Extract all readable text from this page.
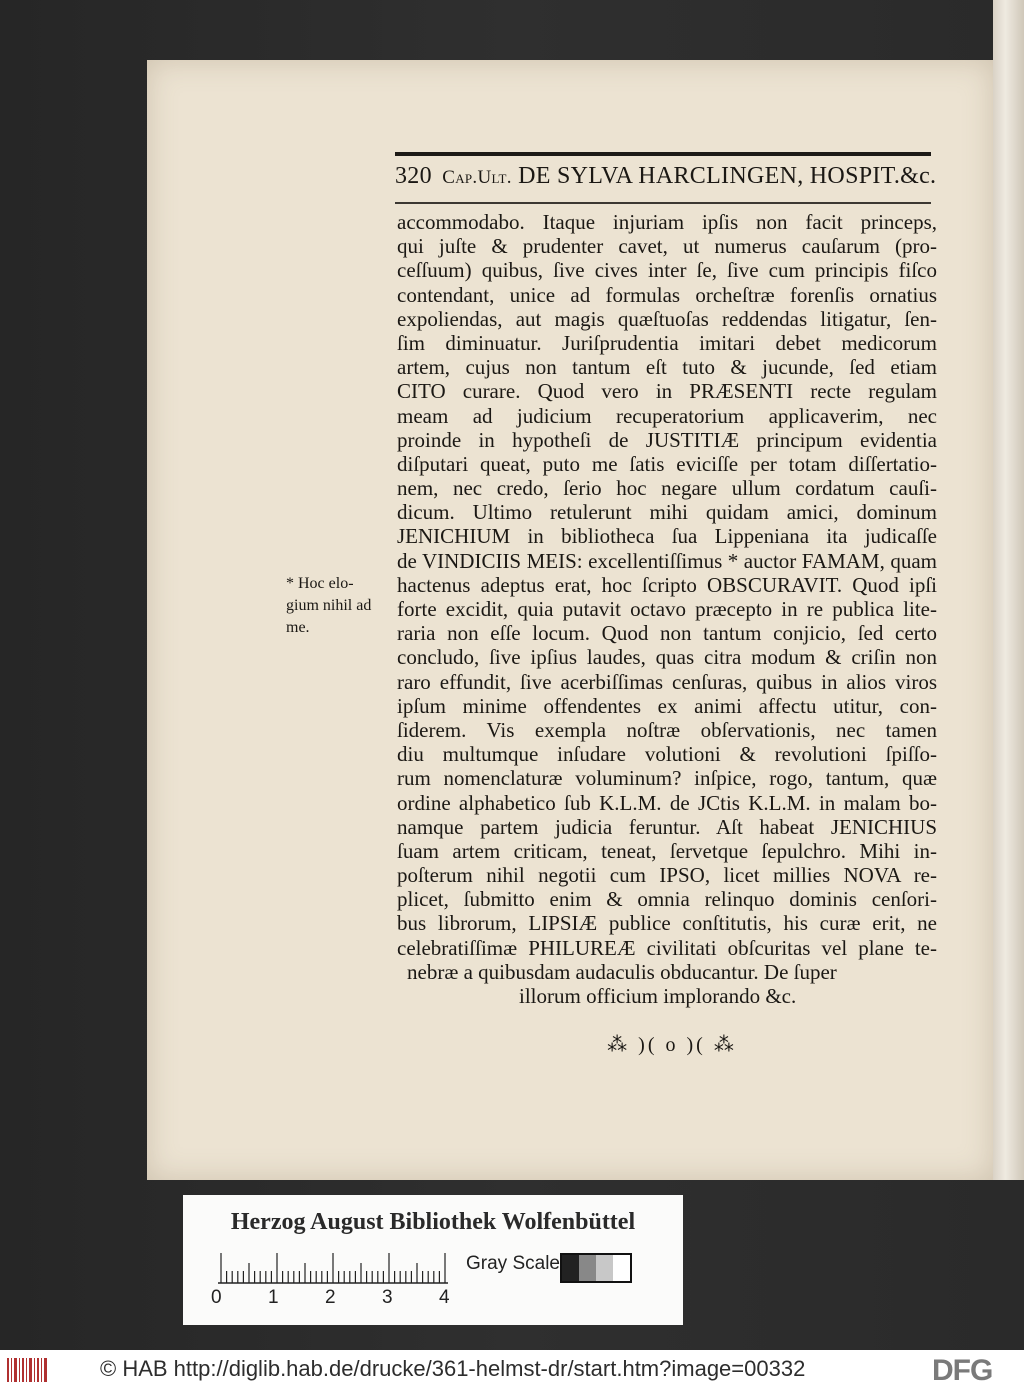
320 Cap.Ult. DE SYLVA HARCLINGEN, HOSPIT.&c.
accommodabo. Itaque injuriam ipſis non facit princeps,
qui juſte & prudenter cavet, ut numerus cauſarum (pro-
ceſſuum) quibus, ſive cives inter ſe, ſive cum principis fiſco
contendant, unice ad formulas orcheſtræ forenſis ornatius
expoliendas, aut magis quæſtuoſas reddendas litigatur, ſen-
ſim diminuatur. Juriſprudentia imitari debet medicorum
artem, cujus non tantum eſt tuto & jucunde, ſed etiam
CITO curare. Quod vero in PRÆSENTI recte regulam
meam ad judicium recuperatorium applicaverim, nec
proinde in hypotheſi de JUSTITIÆ principum evidentia
diſputari queat, puto me ſatis eviciſſe per totam diſſertatio-
nem, nec credo, ſerio hoc negare ullum cordatum cauſi-
dicum. Ultimo retulerunt mihi quidam amici, dominum
JENICHIUM in bibliotheca ſua Lippeniana ita judicaſſe
de VINDICIIS MEIS: excellentiſſimus * auctor FAMAM, quam
hactenus adeptus erat, hoc ſcripto OBSCURAVIT. Quod ipſi
forte excidit, quia putavit octavo præcepto in re publica lite-
raria non eſſe locum. Quod non tantum conjicio, ſed certo
concludo, ſive ipſius laudes, quas citra modum & criſin non
raro effundit, ſive acerbiſſimas cenſuras, quibus in alios viros
ipſum minime offendentes ex animi affectu utitur, con-
ſiderem. Vis exempla noſtræ obſervationis, nec tamen
diu multumque inſudare volutioni & revolutioni ſpiſſo-
rum nomenclaturæ voluminum? inſpice, rogo, tantum, quæ
ordine alphabetico ſub K.L.M. de JCtis K.L.M. in malam bo-
namque partem judicia feruntur. Aſt habeat JENICHIUS
ſuam artem criticam, teneat, ſervetque ſepulchro. Mihi in-
poſterum nihil negotii cum IPSO, licet millies NOVA re-
plicet, ſubmitto enim & omnia relinquo dominis cenſori-
bus librorum, LIPSIÆ publice conſtitutis, his curæ erit, ne
celebratiſſimæ PHILUREÆ civilitati obſcuritas vel plane te-
nebræ a quibusdam audaculis obducantur. De ſuper
illorum officium implorando &c.
* Hoc elo-
gium nihil ad
me.
⁂ )( o )( ⁂
Herzog August Bibliothek Wolfenbüttel
0 1 2 3 4
Gray Scale
© HAB http://diglib.hab.de/drucke/361-helmst-dr/start.htm?image=00332	DFG
